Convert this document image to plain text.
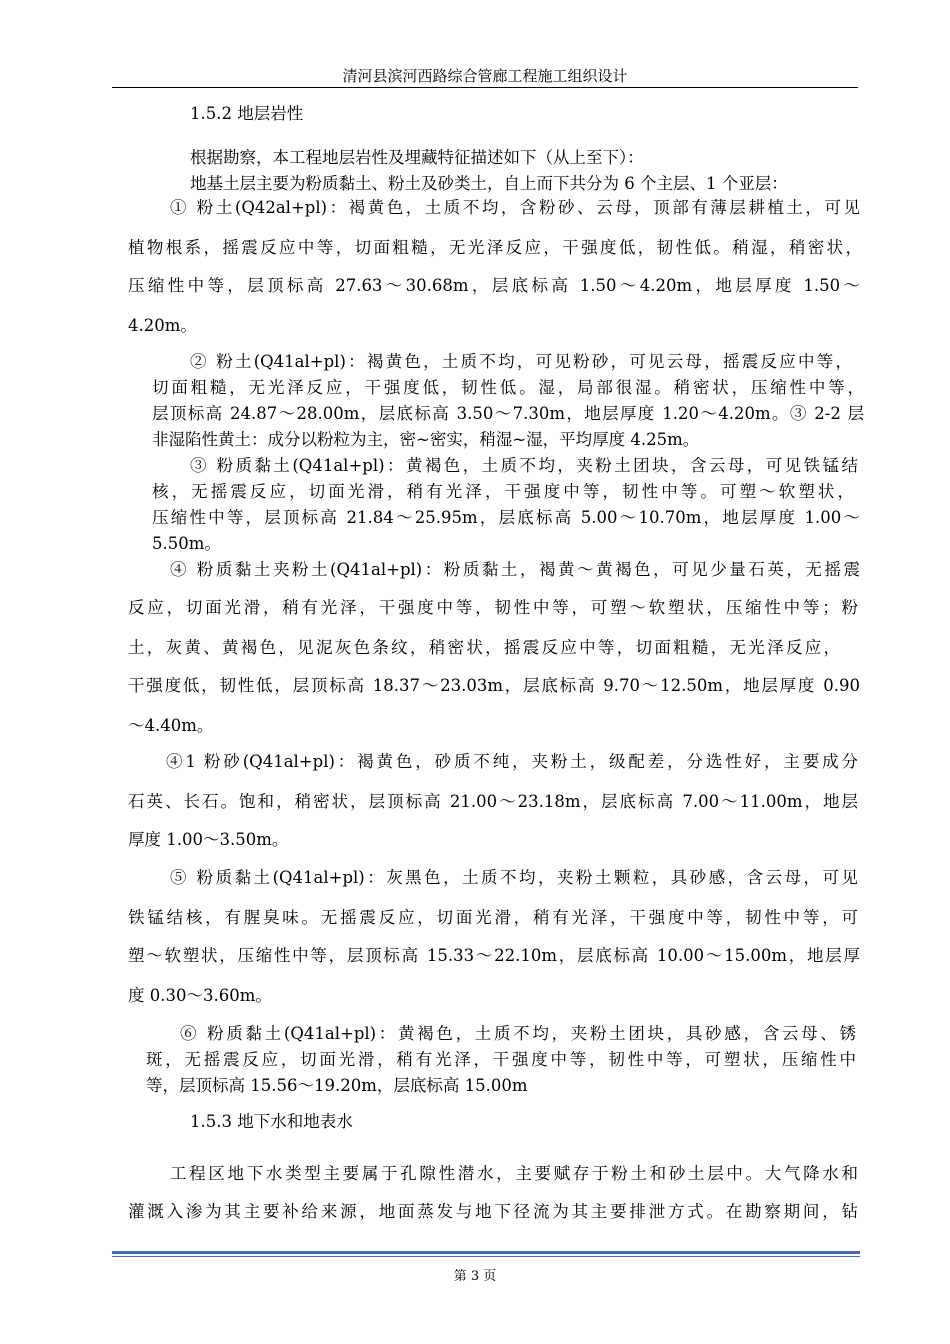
清河县滨河西路综合管廊工程施工组织设计
1.5.2 地层岩性
根据勘察，本工程地层岩性及埋藏特征描述如下（从上至下）：
地基土层主要为粉质黏土、粉土及砂类土，自上而下共分为 6 个主层、1 个亚层：
① 粉土(Q42al+pl)：褐黄色，土质不均，含粉砂、云母，顶部有薄层耕植土，可见
植物根系，摇震反应中等，切面粗糙，无光泽反应，干强度低，韧性低。稍湿，稍密状，
压缩性中等，层顶标高 27.63～30.68m，层底标高 1.50～4.20m，地层厚度 1.50～
4.20m。
② 粉土(Q41al+pl)：褐黄色，土质不均，可见粉砂，可见云母，摇震反应中等，
切面粗糙，无光泽反应，干强度低，韧性低。湿，局部很湿。稍密状，压缩性中等，
层顶标高 24.87～28.00m，层底标高 3.50～7.30m，地层厚度 1.20～4.20m。③ 2-2 层
非湿陷性黄土：成分以粉粒为主，密~密实，稍湿~湿，平均厚度 4.25m。
③ 粉质黏土(Q41al+pl)：黄褐色，土质不均，夹粉土团块，含云母，可见铁锰结
核，无摇震反应，切面光滑，稍有光泽，干强度中等，韧性中等。可塑～软塑状，
压缩性中等，层顶标高 21.84～25.95m，层底标高 5.00～10.70m，地层厚度 1.00～
5.50m。
④ 粉质黏土夹粉土(Q41al+pl)：粉质黏土，褐黄～黄褐色，可见少量石英，无摇震
反应，切面光滑，稍有光泽，干强度中等，韧性中等，可塑～软塑状，压缩性中等；粉
土，灰黄、黄褐色，见泥灰色条纹，稍密状，摇震反应中等，切面粗糙，无光泽反应，
干强度低，韧性低，层顶标高 18.37～23.03m，层底标高 9.70～12.50m，地层厚度 0.90
～4.40m。
④1 粉砂(Q41al+pl)：褐黄色，砂质不纯，夹粉土，级配差，分选性好，主要成分
石英、长石。饱和，稍密状，层顶标高 21.00～23.18m，层底标高 7.00～11.00m，地层
厚度 1.00～3.50m。
⑤ 粉质黏土(Q41al+pl)：灰黑色，土质不均，夹粉土颗粒，具砂感，含云母，可见
铁锰结核，有腥臭味。无摇震反应，切面光滑，稍有光泽，干强度中等，韧性中等，可
塑～软塑状，压缩性中等，层顶标高 15.33～22.10m，层底标高 10.00～15.00m，地层厚
度 0.30～3.60m。
⑥ 粉质黏土(Q41al+pl)：黄褐色，土质不均，夹粉土团块，具砂感，含云母、锈
斑，无摇震反应，切面光滑，稍有光泽，干强度中等，韧性中等，可塑状，压缩性中
等，层顶标高 15.56～19.20m，层底标高 15.00m
1.5.3 地下水和地表水
工程区地下水类型主要属于孔隙性潜水，主要赋存于粉土和砂土层中。大气降水和
灌溉入渗为其主要补给来源，地面蒸发与地下径流为其主要排泄方式。在勘察期间，钻
第 3 页
